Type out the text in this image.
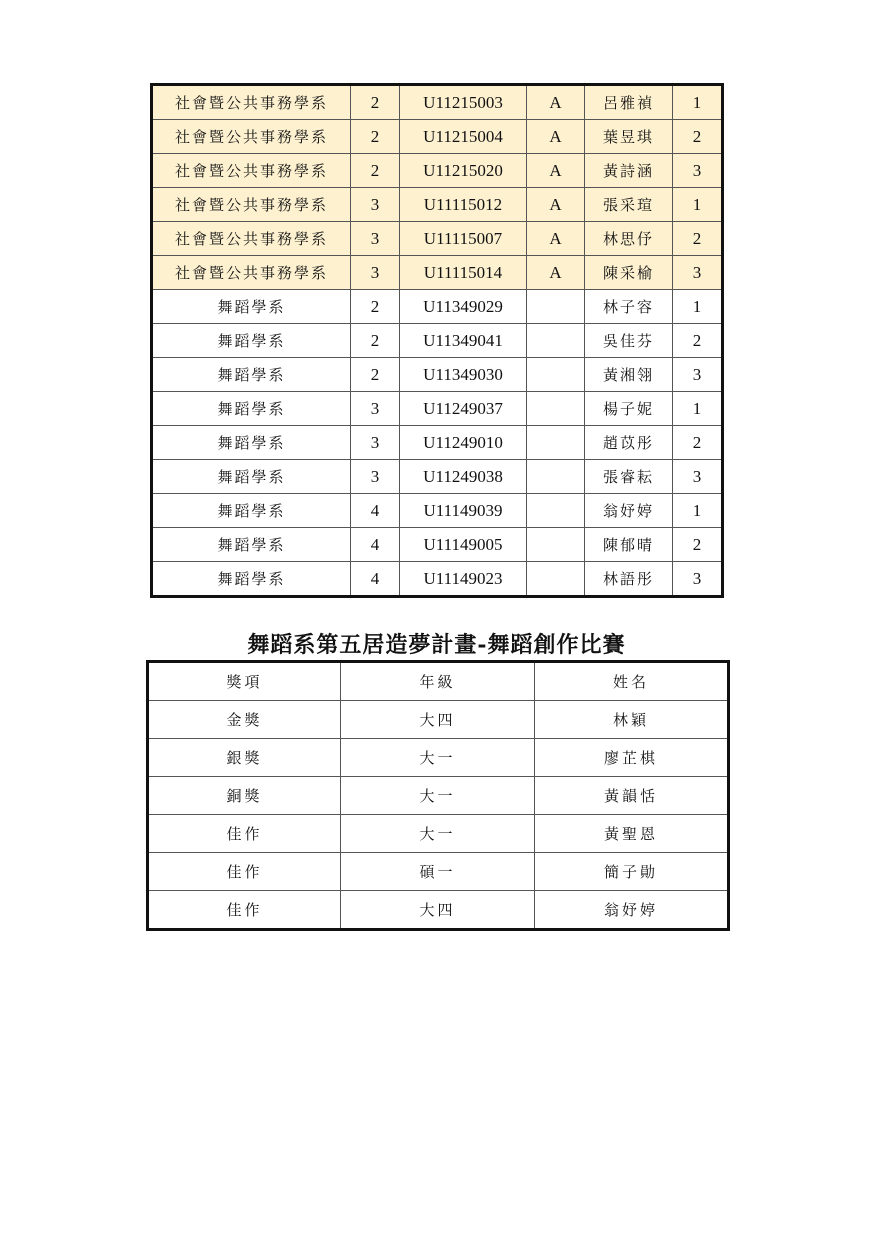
社會暨公共事務學系	2	U11215003	A	呂雅禎	1
社會暨公共事務學系	2	U11215004	A	葉昱琪	2
社會暨公共事務學系	2	U11215020	A	黃詩涵	3
社會暨公共事務學系	3	U11115012	A	張采瑄	1
社會暨公共事務學系	3	U11115007	A	林思伃	2
社會暨公共事務學系	3	U11115014	A	陳采榆	3
舞蹈學系	2	U11349029		林子容	1
舞蹈學系	2	U11349041		吳佳芬	2
舞蹈學系	2	U11349030		黃湘翎	3
舞蹈學系	3	U11249037		楊子妮	1
舞蹈學系	3	U11249010		趙苡彤	2
舞蹈學系	3	U11249038		張睿耘	3
舞蹈學系	4	U11149039		翁妤婷	1
舞蹈學系	4	U11149005		陳郁晴	2
舞蹈學系	4	U11149023		林語彤	3
舞蹈系第五居造夢計畫-舞蹈創作比賽
獎項	年級	姓名
金獎	大四	林穎
銀獎	大一	廖芷棋
銅獎	大一	黃韻恬
佳作	大一	黃聖恩
佳作	碩一	簡子勛
佳作	大四	翁妤婷
